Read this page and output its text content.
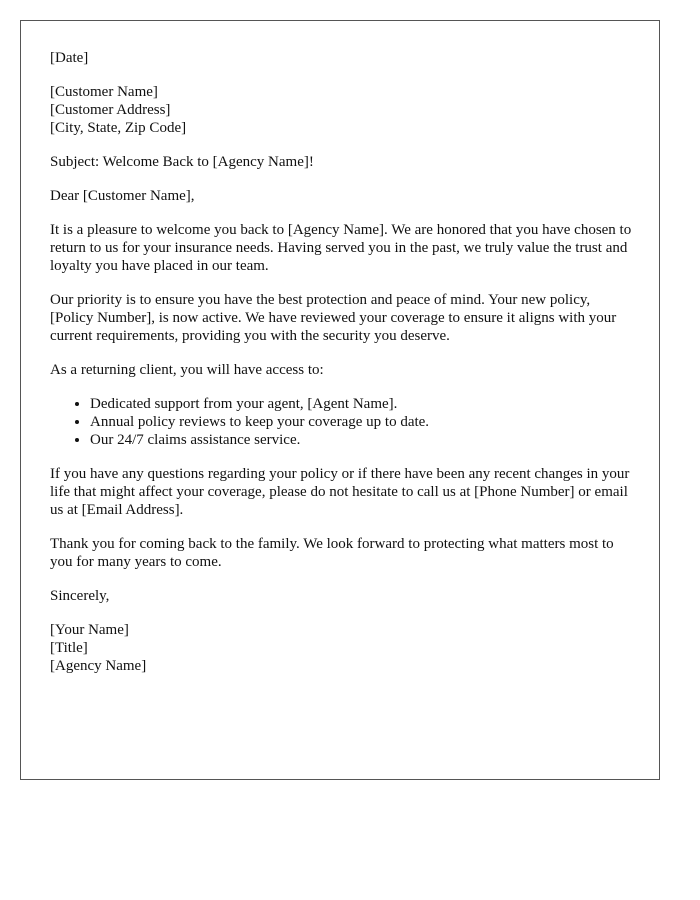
[Date]

[Customer Name]
[Customer Address]
[City, State, Zip Code]

Subject: Welcome Back to [Agency Name]!

Dear [Customer Name],

It is a pleasure to welcome you back to [Agency Name]. We are honored that you have chosen to return to us for your insurance needs. Having served you in the past, we truly value the trust and loyalty you have placed in our team.

Our priority is to ensure you have the best protection and peace of mind. Your new policy, [Policy Number], is now active. We have reviewed your coverage to ensure it aligns with your current requirements, providing you with the security you deserve.

As a returning client, you will have access to:

• Dedicated support from your agent, [Agent Name].
• Annual policy reviews to keep your coverage up to date.
• Our 24/7 claims assistance service.

If you have any questions regarding your policy or if there have been any recent changes in your life that might affect your coverage, please do not hesitate to call us at [Phone Number] or email us at [Email Address].

Thank you for coming back to the family. We look forward to protecting what matters most to you for many years to come.

Sincerely,

[Your Name]
[Title]
[Agency Name]
